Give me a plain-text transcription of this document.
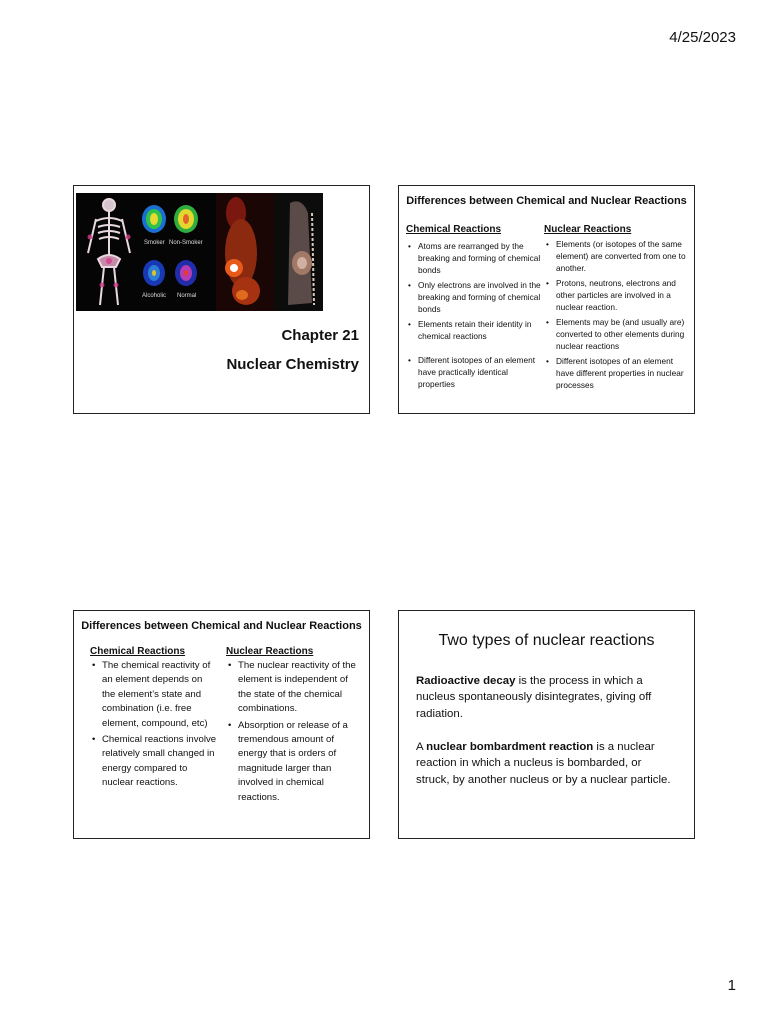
4/25/2023
Smoker Non-Smoker
Alcoholic Normal
Chapter 21
Nuclear Chemistry
Differences between Chemical and Nuclear Reactions
Chemical Reactions
• Atoms are rearranged by the breaking and forming of chemical bonds
• Only electrons are involved in the breaking and forming of chemical bonds
• Elements retain their identity in chemical reactions
• Different isotopes of an element have practically identical properties
Nuclear Reactions
• Elements (or isotopes of the same element) are converted from one to another.
• Protons, neutrons, electrons and other particles are involved in a nuclear reaction.
• Elements may be (and usually are) converted to other elements during nuclear reactions
• Different isotopes of an element have different properties in nuclear processes
Differences between Chemical and Nuclear Reactions
Chemical Reactions
• The chemical reactivity of an element depends on the element’s state and combination (i.e. free element, compound, etc)
• Chemical reactions involve relatively small changed in energy compared to nuclear reactions.
Nuclear Reactions
• The nuclear reactivity of the element is independent of the state of the chemical combinations.
• Absorption or release of a tremendous amount of energy that is orders of magnitude larger than involved in chemical reactions.
Two types of nuclear reactions
Radioactive decay is the process in which a nucleus spontaneously disintegrates, giving off radiation.
A nuclear bombardment reaction is a nuclear reaction in which a nucleus is bombarded, or struck, by another nucleus or by a nuclear particle.
1
